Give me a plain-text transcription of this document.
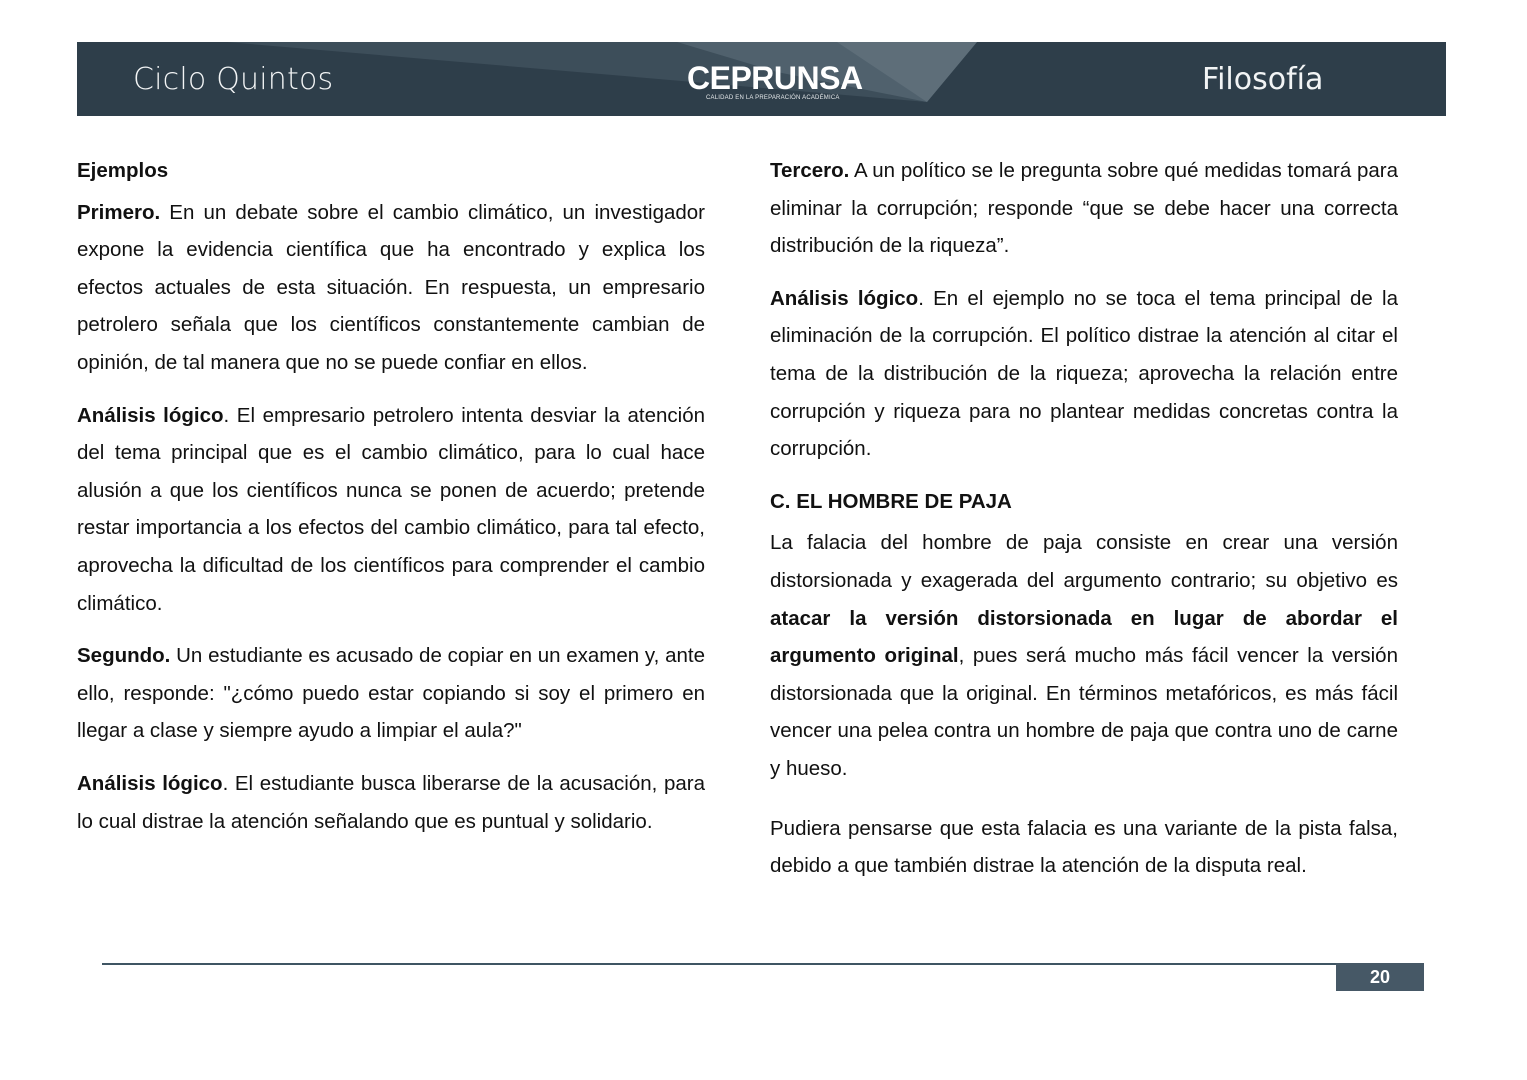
Ciclo Quintos	CEPRUNSA
CALIDAD EN LA PREPARACIÓN ACADÉMICA
Filosofía

Ejemplos

Primero. En un debate sobre el cambio climático, un investigador expone la evidencia científica que ha encontrado y explica los efectos actuales de esta situación. En respuesta, un empresario petrolero señala que los científicos constantemente cambian de opinión, de tal manera que no se puede confiar en ellos.

Análisis lógico. El empresario petrolero intenta desviar la atención del tema principal que es el cambio climático, para lo cual hace alusión a que los científicos nunca se ponen de acuerdo; pretende restar importancia a los efectos del cambio climático, para tal efecto, aprovecha la dificultad de los científicos para comprender el cambio climático.

Segundo. Un estudiante es acusado de copiar en un examen y, ante ello, responde: "¿cómo puedo estar copiando si soy el primero en llegar a clase y siempre ayudo a limpiar el aula?"

Análisis lógico. El estudiante busca liberarse de la acusación, para lo cual distrae la atención señalando que es puntual y solidario.

Tercero. A un político se le pregunta sobre qué medidas tomará para eliminar la corrupción; responde “que se debe hacer una correcta distribución de la riqueza”.

Análisis lógico. En el ejemplo no se toca el tema principal de la eliminación de la corrupción. El político distrae la atención al citar el tema de la distribución de la riqueza; aprovecha la relación entre corrupción y riqueza para no plantear medidas concretas contra la corrupción.

C. EL HOMBRE DE PAJA

La falacia del hombre de paja consiste en crear una versión distorsionada y exagerada del argumento contrario; su objetivo es atacar la versión distorsionada en lugar de abordar el argumento original, pues será mucho más fácil vencer la versión distorsionada que la original. En términos metafóricos, es más fácil vencer una pelea contra un hombre de paja que contra uno de carne y hueso.

Pudiera pensarse que esta falacia es una variante de la pista falsa, debido a que también distrae la atención de la disputa real.

20
